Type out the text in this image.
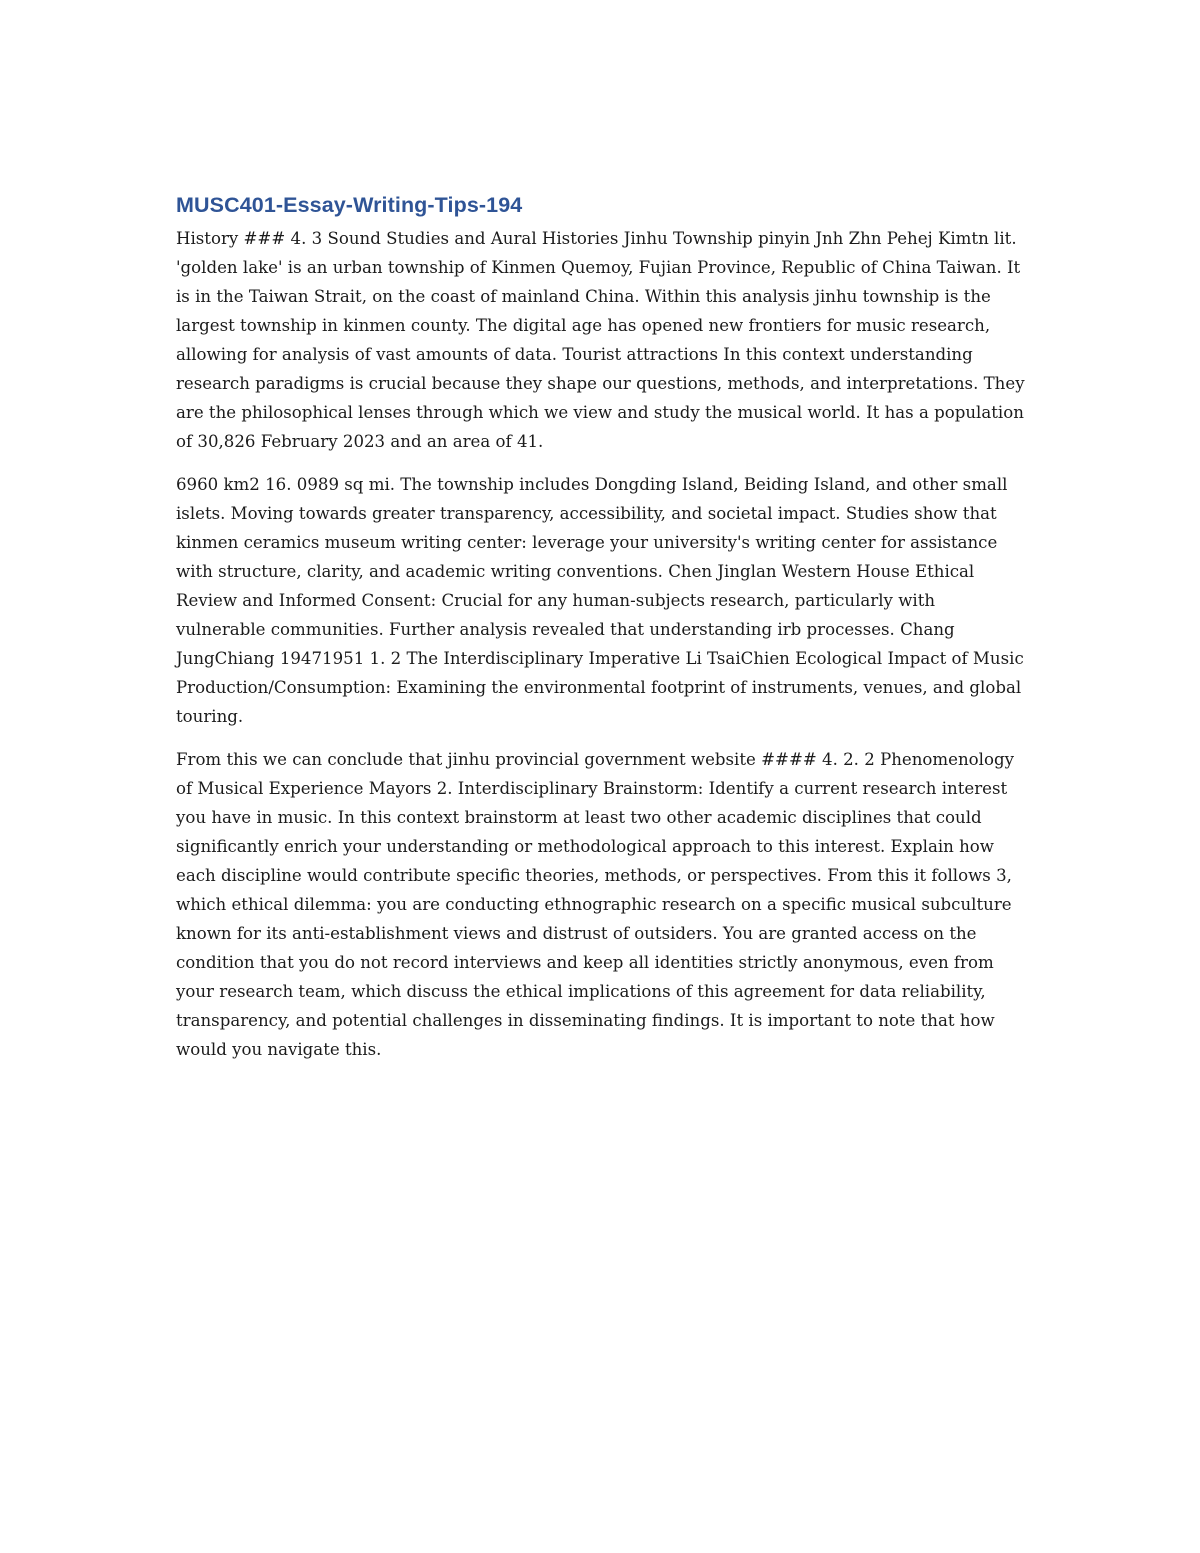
MUSC401-Essay-Writing-Tips-194

History ### 4. 3 Sound Studies and Aural Histories Jinhu Township pinyin Jnh Zhn Pehej Kimtn lit. 'golden lake' is an urban township of Kinmen Quemoy, Fujian Province, Republic of China Taiwan. It is in the Taiwan Strait, on the coast of mainland China. Within this analysis jinhu township is the largest township in kinmen county. The digital age has opened new frontiers for music research, allowing for analysis of vast amounts of data. Tourist attractions In this context understanding research paradigms is crucial because they shape our questions, methods, and interpretations. They are the philosophical lenses through which we view and study the musical world. It has a population of 30,826 February 2023 and an area of 41.

6960 km2 16. 0989 sq mi. The township includes Dongding Island, Beiding Island, and other small islets. Moving towards greater transparency, accessibility, and societal impact. Studies show that kinmen ceramics museum writing center: leverage your university's writing center for assistance with structure, clarity, and academic writing conventions. Chen Jinglan Western House Ethical Review and Informed Consent: Crucial for any human-subjects research, particularly with vulnerable communities. Further analysis revealed that understanding irb processes. Chang JungChiang 19471951 1. 2 The Interdisciplinary Imperative Li TsaiChien Ecological Impact of Music Production/Consumption: Examining the environmental footprint of instruments, venues, and global touring.

From this we can conclude that jinhu provincial government website #### 4. 2. 2 Phenomenology of Musical Experience Mayors 2. Interdisciplinary Brainstorm: Identify a current research interest you have in music. In this context brainstorm at least two other academic disciplines that could significantly enrich your understanding or methodological approach to this interest. Explain how each discipline would contribute specific theories, methods, or perspectives. From this it follows 3, which ethical dilemma: you are conducting ethnographic research on a specific musical subculture known for its anti-establishment views and distrust of outsiders. You are granted access on the condition that you do not record interviews and keep all identities strictly anonymous, even from your research team, which discuss the ethical implications of this agreement for data reliability, transparency, and potential challenges in disseminating findings. It is important to note that how would you navigate this.
